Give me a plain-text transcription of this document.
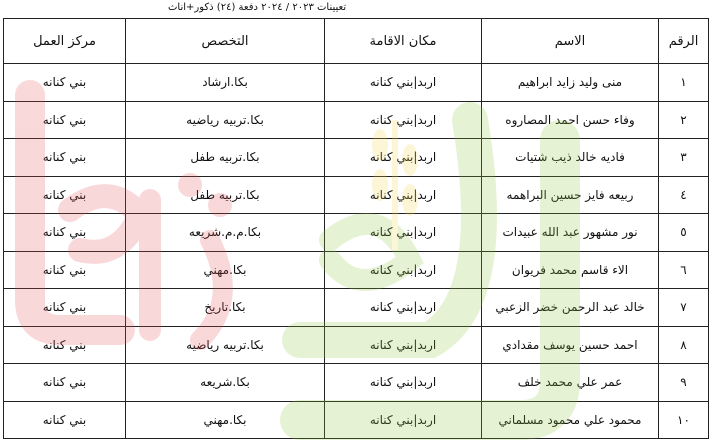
تعيينات ٢٠٢٣ / ٢٠٢٤ دفعة (٢٤) ذكور+اناث
الرقم	الاسم	مكان الاقامة	التخصص	مركز العمل
١	منى وليد زايد ابراهيم	اربد|بني كنانه	بكا.ارشاد	بني كنانه
٢	وفاء حسن احمد المصاروه	اربد|بني كنانه	بكا.تربيه رياضيه	بني كنانه
٣	فاديه خالد ذيب شتيات	اربد|بني كنانه	بكا.تربيه طفل	بني كنانه
٤	ربيعه فايز حسين البراهمه	اربد|بني كنانه	بكا.تربيه طفل	بني كنانه
٥	نور مشهور عبد الله عبيدات	اربد|بني كنانه	بكا.م.م.شريعه	بني كنانه
٦	الاء قاسم محمد فريوان	اربد|بني كنانه	بكا.مهني	بني كنانه
٧	خالد عبد الرحمن خضر الزعبي	اربد|بني كنانه	بكا.تاريخ	بني كنانه
٨	احمد حسين يوسف مقدادي	اربد|بني كنانه	بكا.تربيه رياضيه	بني كنانه
٩	عمر علي محمد خلف	اربد|بني كنانه	بكا.شريعه	بني كنانه
١٠	محمود علي محمود مسلماني	اربد|بني كنانه	بكا.مهني	بني كنانه
